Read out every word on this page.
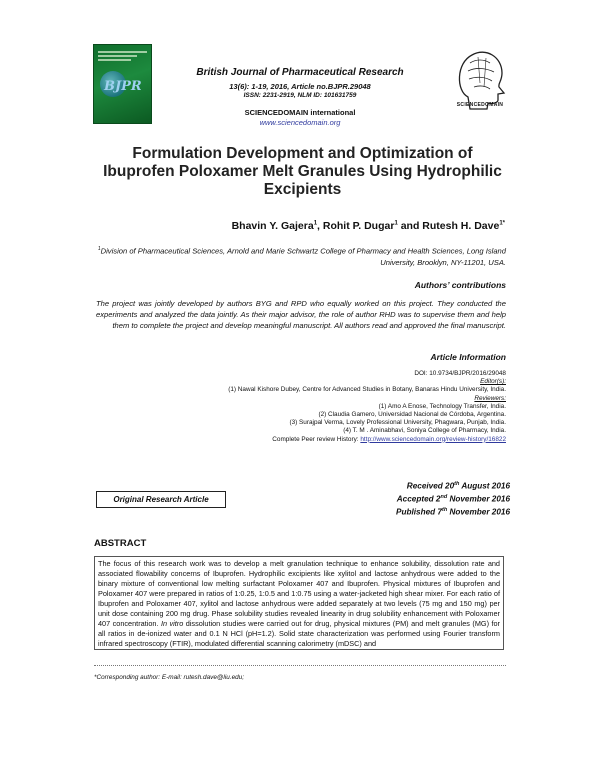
BJPR
British Journal of Pharmaceutical Research
13(6): 1-19, 2016, Article no.BJPR.29048
ISSN: 2231-2919, NLM ID: 101631759
SCIENCEDOMAIN international
www.sciencedomain.org
SCIENCEDOMAIN
Formulation Development and Optimization of Ibuprofen Poloxamer Melt Granules Using Hydrophilic Excipients
Bhavin Y. Gajera$^1$, Rohit P. Dugar$^1$ and Rutesh H. Dave$^{1*}$
$^1$Division of Pharmaceutical Sciences, Arnold and Marie Schwartz College of Pharmacy and Health Sciences, Long Island University, Brooklyn, NY-11201, USA.
Authors’ contributions
The project was jointly developed by authors BYG and RPD who equally worked on this project. They conducted the experiments and analyzed the data jointly. As their major advisor, the role of author RHD was to supervise them and help them to complete the project and develop meaningful manuscript. All authors read and approved the final manuscript.
Article Information
DOI: 10.9734/BJPR/2016/29048
Editor(s):
(1) Nawal Kishore Dubey, Centre for Advanced Studies in Botany, Banaras Hindu University, India.
Reviewers:
(1) Amo A Enose, Technology Transfer, India.
(2) Claudia Gamero, Universidad Nacional de Córdoba, Argentina.
(3) Surajpal Verma, Lovely Professional University, Phagwara, Punjab, India.
(4) T. M . Aminabhavi, Soniya College of Pharmacy, India.
Complete Peer review History: http://www.sciencedomain.org/review-history/16822
Original Research Article
Received 20th August 2016
Accepted 2nd November 2016
Published 7th November 2016
ABSTRACT
The focus of this research work was to develop a melt granulation technique to enhance solubility, dissolution rate and associated flowability concerns of Ibuprofen. Hydrophilic excipients like xylitol and lactose anhydrous were added to the binary mixture of conventional low melting surfactant Poloxamer 407 and Ibuprofen. Physical mixtures of Ibuprofen and Poloxamer 407 were prepared in ratios of 1:0.25, 1:0.5 and 1:0.75 using a water-jacketed high shear mixer. For each ratio of Ibuprofen and Poloxamer 407, xylitol and lactose anhydrous were added separately at two levels (75 mg and 150 mg) per unit dose containing 200 mg drug. Phase solubility studies revealed linearity in drug solubility enhancement with Poloxamer 407 concentration. In vitro dissolution studies were carried out for drug, physical mixtures (PM) and melt granules (MG) for all ratios in de-ionized water and 0.1 N HCl (pH=1.2). Solid state characterization was performed using Fourier transform infrared spectroscopy (FTIR), modulated differential scanning calorimetry (mDSC) and
*Corresponding author: E-mail: rutesh.dave@liu.edu;
